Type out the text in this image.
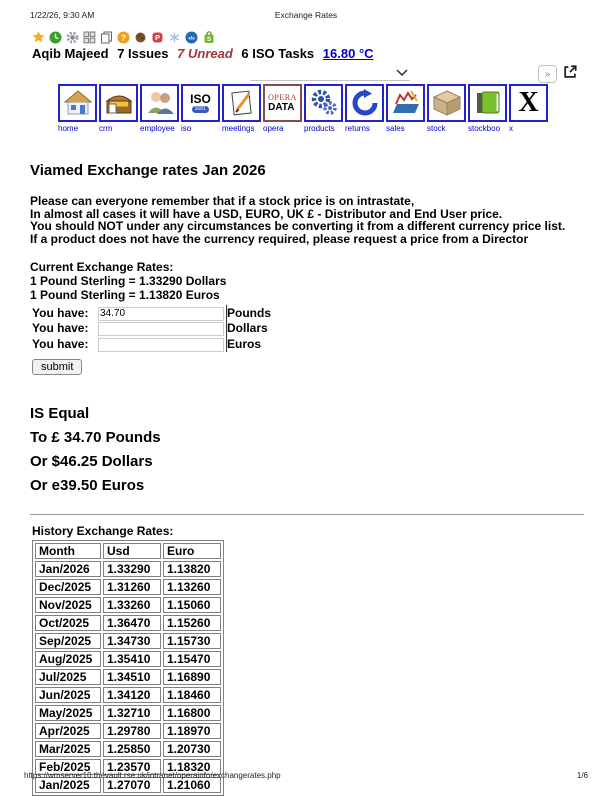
1/22/26, 9:30 AM	Exchange Rates
?	P	xls S
Aqib Majeed 7 Issues 7 Unread 6 ISO Tasks 16.80 °C
»
home	crm	employee
ISO
9001
iso	meetings
OPERA
DATA
opera	products	returns	sales	stock	stockboo
X
x
Viamed Exchange rates Jan 2026
Please can everyone remember that if a stock price is on intrastate,
In almost all cases it will have a USD, EURO, UK £ - Distributor and End User price.
You should NOT under any circumstances be converting it from a different currency price list.
If a product does not have the currency required, please request a price from a Director
Current Exchange Rates:
1 Pound Sterling = 1.33290 Dollars
1 Pound Sterling = 1.13820 Euros
You have:	34.70	Pounds
You have:		Dollars
You have:		Euros
submit
IS Equal
To £ 34.70 Pounds
Or $46.25 Dollars
Or e39.50 Euros
History Exchange Rates:
Month	Usd	Euro
Jan/2026	1.33290	1.13820
Dec/2025	1.31260	1.13260
Nov/2025	1.33260	1.15060
Oct/2025	1.36470	1.15260
Sep/2025	1.34730	1.15730
Aug/2025	1.35410	1.15470
Jul/2025	1.34510	1.16890
Jun/2025	1.34120	1.18460
May/2025	1.32710	1.16800
Apr/2025	1.29780	1.18970
Mar/2025	1.25850	1.20730
Feb/2025	1.23570	1.18320
Jan/2025	1.27070	1.21060
https://wmserver10.thevault.rse.uk/intranet/operainfo/exchangerates.php	1/6
